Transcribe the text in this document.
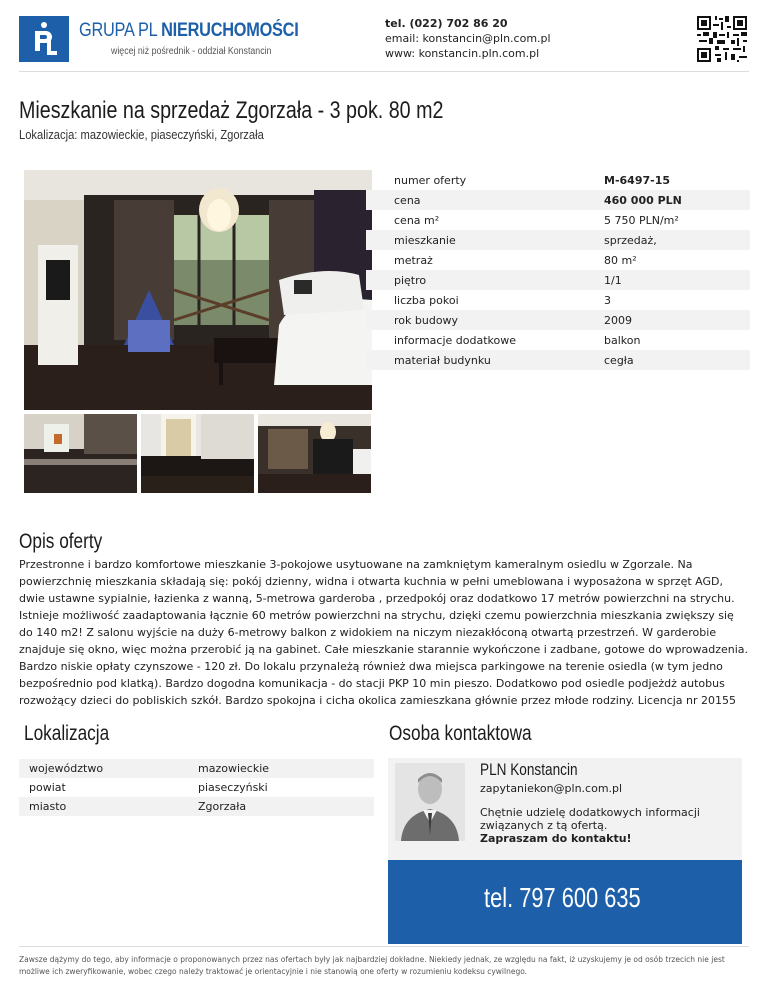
GRUPA PL NIERUCHOMOŚCI
więcej niż pośrednik - oddział Konstancin
tel. (022) 702 86 20
email: konstancin@pln.com.pl
www: konstancin.pln.com.pl
Mieszkanie na sprzedaż Zgorzała - 3 pok. 80 m2
Lokalizacja: mazowieckie, piaseczyński, Zgorzała
numer oferty	M-6497-15
cena	460 000 PLN
cena m²	5 750 PLN/m²
mieszkanie	sprzedaż,
metraż	80 m²
piętro	1/1
liczba pokoi	3
rok budowy	2009
informacje dodatkowe	balkon
materiał budynku	cegła
Opis oferty
Przestronne i bardzo komfortowe mieszkanie 3-pokojowe usytuowane na zamkniętym kameralnym osiedlu w Zgorzale. Na powierzchnię mieszkania składają się: pokój dzienny, widna i otwarta kuchnia w pełni umeblowana i wyposażona w sprzęt AGD, dwie ustawne sypialnie, łazienka z wanną, 5-metrowa garderoba , przedpokój oraz dodatkowo 17 metrów powierzchni na strychu. Istnieje możliwość zaadaptowania łącznie 60 metrów powierzchni na strychu, dzięki czemu powierzchnia mieszkania zwiększy się do 140 m2! Z salonu wyjście na duży 6-metrowy balkon z widokiem na niczym niezakłóconą otwartą przestrzeń. W garderobie znajduje się okno, więc można przerobić ją na gabinet. Całe mieszkanie starannie wykończone i zadbane, gotowe do wprowadzenia. Bardzo niskie opłaty czynszowe - 120 zł. Do lokalu przynależą również dwa miejsca parkingowe na terenie osiedla (w tym jedno bezpośrednio pod klatką). Bardzo dogodna komunikacja - do stacji PKP 10 min pieszo. Dodatkowo pod osiedle podjeżdż autobus rozwożący dzieci do pobliskich szkół. Bardzo spokojna i cicha okolica zamieszkana głównie przez młode rodziny. Licencja nr 20155
Lokalizacja
województwo	mazowieckie
powiat	piaseczyński
miasto	Zgorzała
Osoba kontaktowa
PLN Konstancin
zapytaniekon@pln.com.pl
Chętnie udzielę dodatkowych informacji związanych z tą ofertą.
Zapraszam do kontaktu!
tel. 797 600 635
Zawsze dążymy do tego, aby informacje o proponowanych przez nas ofertach były jak najbardziej dokładne. Niekiedy jednak, ze względu na fakt, iż uzyskujemy je od osób trzecich nie jest możliwe ich zweryfikowanie, wobec czego należy traktować je orientacyjnie i nie stanowią one oferty w rozumieniu kodeksu cywilnego.
